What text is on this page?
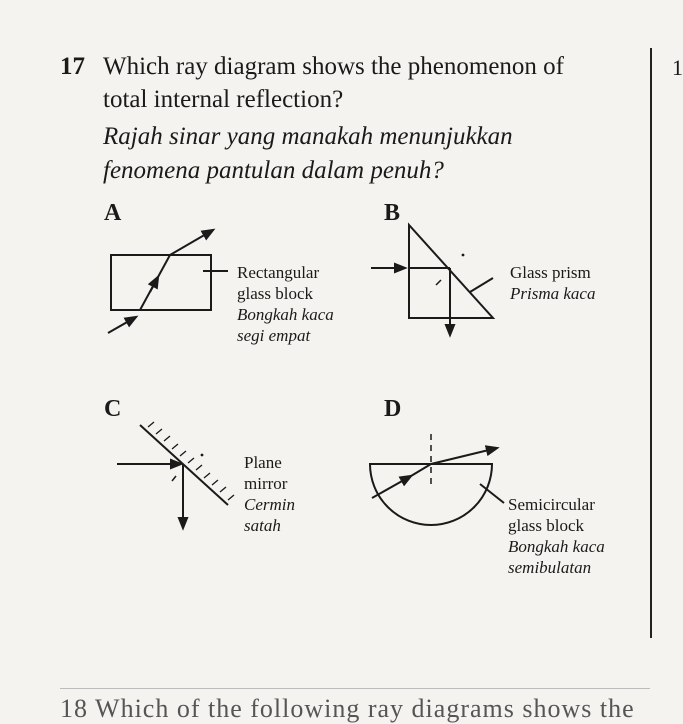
1
17 Which ray diagram shows the phenomenon of
total internal reflection?
Rajah sinar yang manakah menunjukkan
fenomena pantulan dalam penuh?
A	B
C	D
Rectangular
glass block
Bongkah kaca
segi empat
Glass prism
Prisma kaca
Plane
mirror
Cermin
satah
Semicircular
glass block
Bongkah kaca
semibulatan
18 Which of the following ray diagrams shows the
